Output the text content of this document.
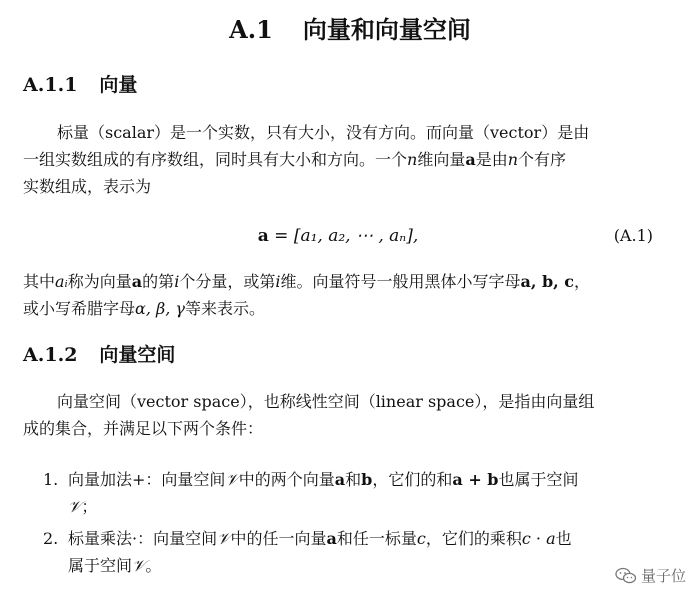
A.1 向量和向量空间
A.1.1 向量
标量（scalar）是一个实数，只有大小，没有方向。而向量（vector）是由
一组实数组成的有序数组，同时具有大小和方向。一个n维向量a是由n个有序
实数组成，表示为
a = [a₁, a₂, ⋯ , aₙ],	(A.1)
其中aᵢ称为向量a的第i个分量，或第i维。向量符号一般用黑体小写字母a, b, c，
或小写希腊字母α, β, γ等来表示。
A.1.2 向量空间
向量空间（vector space），也称线性空间（linear space），是指由向量组
成的集合，并满足以下两个条件：
1. 向量加法+：向量空间𝒱中的两个向量a和b，它们的和a + b也属于空间
𝒱；
2. 标量乘法·：向量空间𝒱中的任一向量a和任一标量c，它们的乘积c · a也
属于空间𝒱。
量子位
